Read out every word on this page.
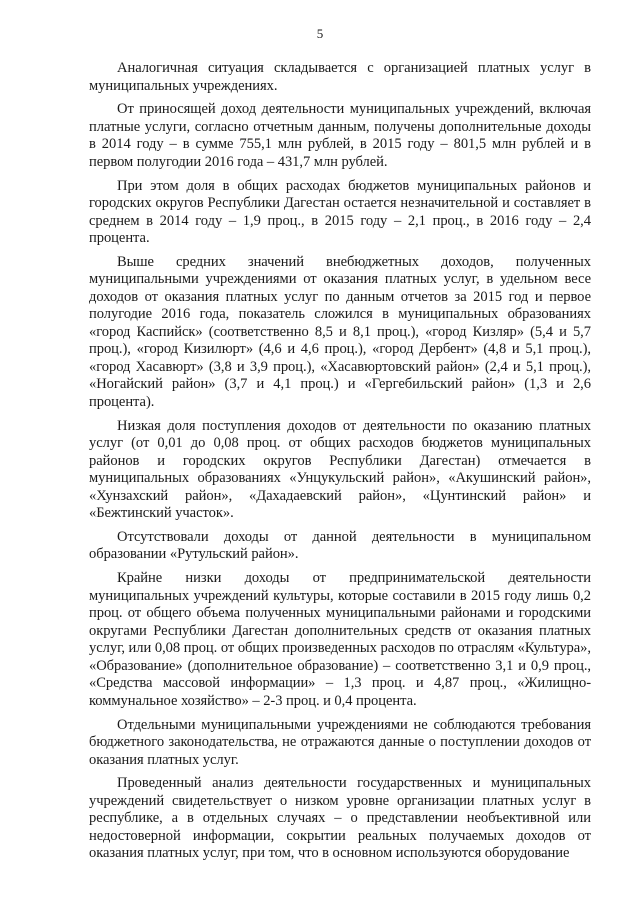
5

Аналогичная ситуация складывается с организацией платных услуг в муниципальных учреждениях.

От приносящей доход деятельности муниципальных учреждений, включая платные услуги, согласно отчетным данным, получены дополнительные доходы в 2014 году – в сумме 755,1 млн рублей, в 2015 году – 801,5 млн рублей и в первом полугодии 2016 года – 431,7 млн рублей.

При этом доля в общих расходах бюджетов муниципальных районов и городских округов Республики Дагестан остается незначительной и составляет в среднем в 2014 году – 1,9 проц., в 2015 году – 2,1 проц., в 2016 году – 2,4 процента.

Выше средних значений внебюджетных доходов, полученных муниципальными учреждениями от оказания платных услуг, в удельном весе доходов от оказания платных услуг по данным отчетов за 2015 год и первое полугодие 2016 года, показатель сложился в муниципальных образованиях «город Каспийск» (соответственно 8,5 и 8,1 проц.), «город Кизляр» (5,4 и 5,7 проц.), «город Кизилюрт» (4,6 и 4,6 проц.), «город Дербент» (4,8 и 5,1 проц.), «город Хасавюрт» (3,8 и 3,9 проц.), «Хасавюртовский район» (2,4 и 5,1 проц.), «Ногайский район» (3,7 и 4,1 проц.) и «Гергебильский район» (1,3 и 2,6 процента).

Низкая доля поступления доходов от деятельности по оказанию платных услуг (от 0,01 до 0,08 проц. от общих расходов бюджетов муниципальных районов и городских округов Республики Дагестан) отмечается в муниципальных образованиях «Унцукульский район», «Акушинский район», «Хунзахский район», «Дахадаевский район», «Цунтинский район» и «Бежтинский участок».

Отсутствовали доходы от данной деятельности в муниципальном образовании «Рутульский район».

Крайне низки доходы от предпринимательской деятельности муниципальных учреждений культуры, которые составили в 2015 году лишь 0,2 проц. от общего объема полученных муниципальными районами и городскими округами Республики Дагестан дополнительных средств от оказания платных услуг, или 0,08 проц. от общих произведенных расходов по отраслям «Культура», «Образование» (дополнительное образование) – соответственно 3,1 и 0,9 проц., «Средства массовой информации» – 1,3 проц. и 4,87 проц., «Жилищно-коммунальное хозяйство» – 2-3 проц. и 0,4 процента.

Отдельными муниципальными учреждениями не соблюдаются требования бюджетного законодательства, не отражаются данные о поступлении доходов от оказания платных услуг.

Проведенный анализ деятельности государственных и муниципальных учреждений свидетельствует о низком уровне организации платных услуг в республике, а в отдельных случаях – о представлении необъективной или недостоверной информации, сокрытии реальных получаемых доходов от оказания платных услуг, при том, что в основном используются оборудование
